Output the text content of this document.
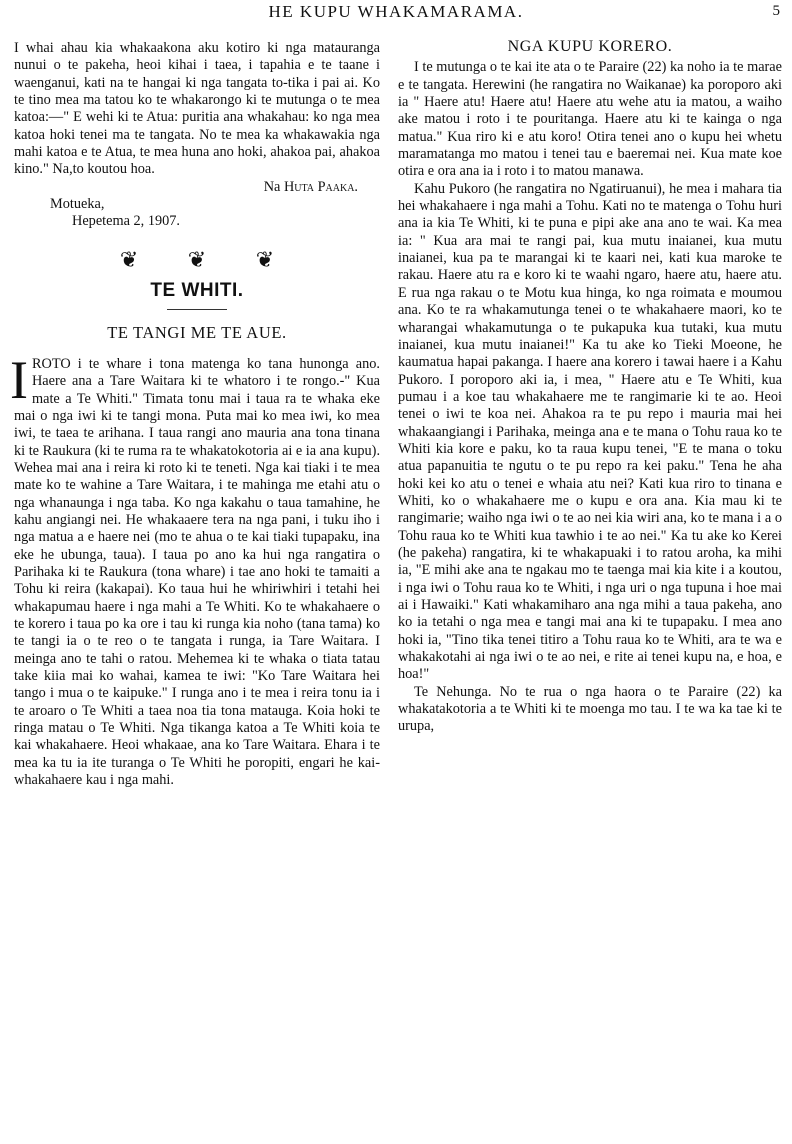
HE KUPU WHAKAMARAMA.	5

I whai ahau kia whakaakona aku kotiro ki nga matauranga nunui o te pakeha, heoi kihai i taea, i tapahia e te taane i waenganui, kati na te hangai ki nga tangata to-tika i pai ai. Ko te tino mea ma tatou ko te whakarongo ki te mutunga o te mea katoa:—" E wehi ki te Atua: puritia ana whakahau: ko nga mea katoa hoki tenei ma te tangata. No te mea ka whakawakia nga mahi katoa e te Atua, te mea huna ano hoki, ahakoa pai, ahakoa kino." Na,to koutou hoa.

Na Huta Paaka.

Motueka,

Hepetema 2, 1907.

❦ ❦ ❦
TE WHITI.
TE TANGI ME TE AUE.
I ROTO i te whare i tona matenga ko tana hunonga ano. Haere ana a Tare Waitara ki te whatoro i te rongo.-" Kua mate a Te Whiti." Timata tonu mai i taua ra te whaka eke mai o nga iwi ki te tangi mona. Puta mai ko mea iwi, ko mea iwi, te taea te arihana. I taua rangi ano mauria ana tona tinana ki te Raukura (ki te ruma ra te whakatokotoria ai e ia ana kupu). Wehea mai ana i reira ki roto ki te teneti. Nga kai tiaki i te mea mate ko te wahine a Tare Waitara, i te mahinga me etahi atu o nga whanaunga i nga taba. Ko nga kakahu o taua tamahine, he kahu angiangi nei. He whakaaere tera na nga pani, i tuku iho i nga matua a e haere nei (mo te ahua o te kai tiaki tupapaku, ina eke he ubunga, taua). I taua po ano ka hui nga rangatira o Parihaka ki te Raukura (tona whare) i tae ano hoki te tamaiti a Tohu ki reira (kakapai). Ko taua hui he whiriwhiri i tetahi hei whakapumau haere i nga mahi a Te Whiti. Ko te whakahaere o te korero i taua po ka ore i tau ki runga kia noho (tana tama) ko te tangi ia o te reo o te tangata i runga, ia Tare Waitara. I meinga ano te tahi o ratou. Mehemea ki te whaka o tiata tatau take kiia mai ko wahai, kamea te iwi: "Ko Tare Waitara hei tango i mua o te kaipuke." I runga ano i te mea i reira tonu ia i te aroaro o Te Whiti a taea noa tia tona matauga. Koia hoki te ringa matau o Te Whiti. Nga tikanga katoa a Te Whiti koia te kai whakahaere. Heoi whakaae, ana ko Tare Waitara. Ehara i te mea ka tu ia ite turanga o Te Whiti he poropiti, engari he kai-whakahaere kau i nga mahi.

NGA KUPU KORERO.

I te mutunga o te kai ite ata o te Paraire (22) ka noho ia te marae e te tangata. Herewini (he rangatira no Waikanae) ka poroporo aki ia " Haere atu! Haere atu! Haere atu wehe atu ia matou, a waiho ake matou i roto i te pouritanga. Haere atu ki te kainga o nga matua." Kua riro ki e atu koro! Otira tenei ano o kupu hei whetu maramatanga mo matou i tenei tau e baeremai nei. Kua mate koe otira e ora ana ia i roto i to matou manawa.

Kahu Pukoro (he rangatira no Ngatiruanui), he mea i mahara tia hei whakahaere i nga mahi a Tohu. Kati no te matenga o Tohu huri ana ia kia Te Whiti, ki te puna e pipi ake ana ano te wai. Ka mea ia: " Kua ara mai te rangi pai, kua mutu inaianei, kua mutu inaianei, kua pa te marangai ki te kaari nei, kati kua maroke te rakau. Haere atu ra e koro ki te waahi ngaro, haere atu, haere atu. E rua nga rakau o te Motu kua hinga, ko nga roimata e moumou ana. Ko te ra whakamutunga tenei o te whakahaere maori, ko te wharangai whakamutunga o te pukapuka kua tutaki, kua mutu inaianei, kua mutu inaianei!" Ka tu ake ko Tieki Moeone, he kaumatua hapai pakanga. I haere ana korero i tawai haere i a Kahu Pukoro. I poroporo aki ia, i mea, " Haere atu e Te Whiti, kua pumau i a koe tau whakahaere me te rangimarie ki te ao. Heoi tenei o iwi te koa nei. Ahakoa ra te pu repo i mauria mai hei whakaangiangi i Parihaka, meinga ana e te mana o Tohu raua ko te Whiti kia kore e paku, ko ta raua kupu tenei, "E te mana o toku atua papanuitia te ngutu o te pu repo ra kei paku." Tena he aha hoki kei ko atu o tenei e whaia atu nei? Kati kua riro to tinana e Whiti, ko o whakahaere me o kupu e ora ana. Kia mau ki te rangimarie; waiho nga iwi o te ao nei kia wiri ana, ko te mana i a o Tohu raua ko te Whiti kua tawhio i te ao nei." Ka tu ake ko Kerei (he pakeha) rangatira, ki te whakapuaki i to ratou aroha, ka mihi ia, "E mihi ake ana te ngakau mo te taenga mai kia kite i a koutou, i nga iwi o Tohu raua ko te Whiti, i nga uri o nga tupuna i hoe mai ai i Hawaiki." Kati whakamiharo ana nga mihi a taua pakeha, ano ko ia tetahi o nga mea e tangi mai ana ki te tupapaku. I mea ano hoki ia, "Tino tika tenei titiro a Tohu raua ko te Whiti, ara te wa e whakakotahi ai nga iwi o te ao nei, e rite ai tenei kupu na, e hoa, e hoa!"

Te Nehunga. No te rua o nga haora o te Paraire (22) ka whakatakotoria a te Whiti ki te moenga mo tau. I te wa ka tae ki te urupa,
